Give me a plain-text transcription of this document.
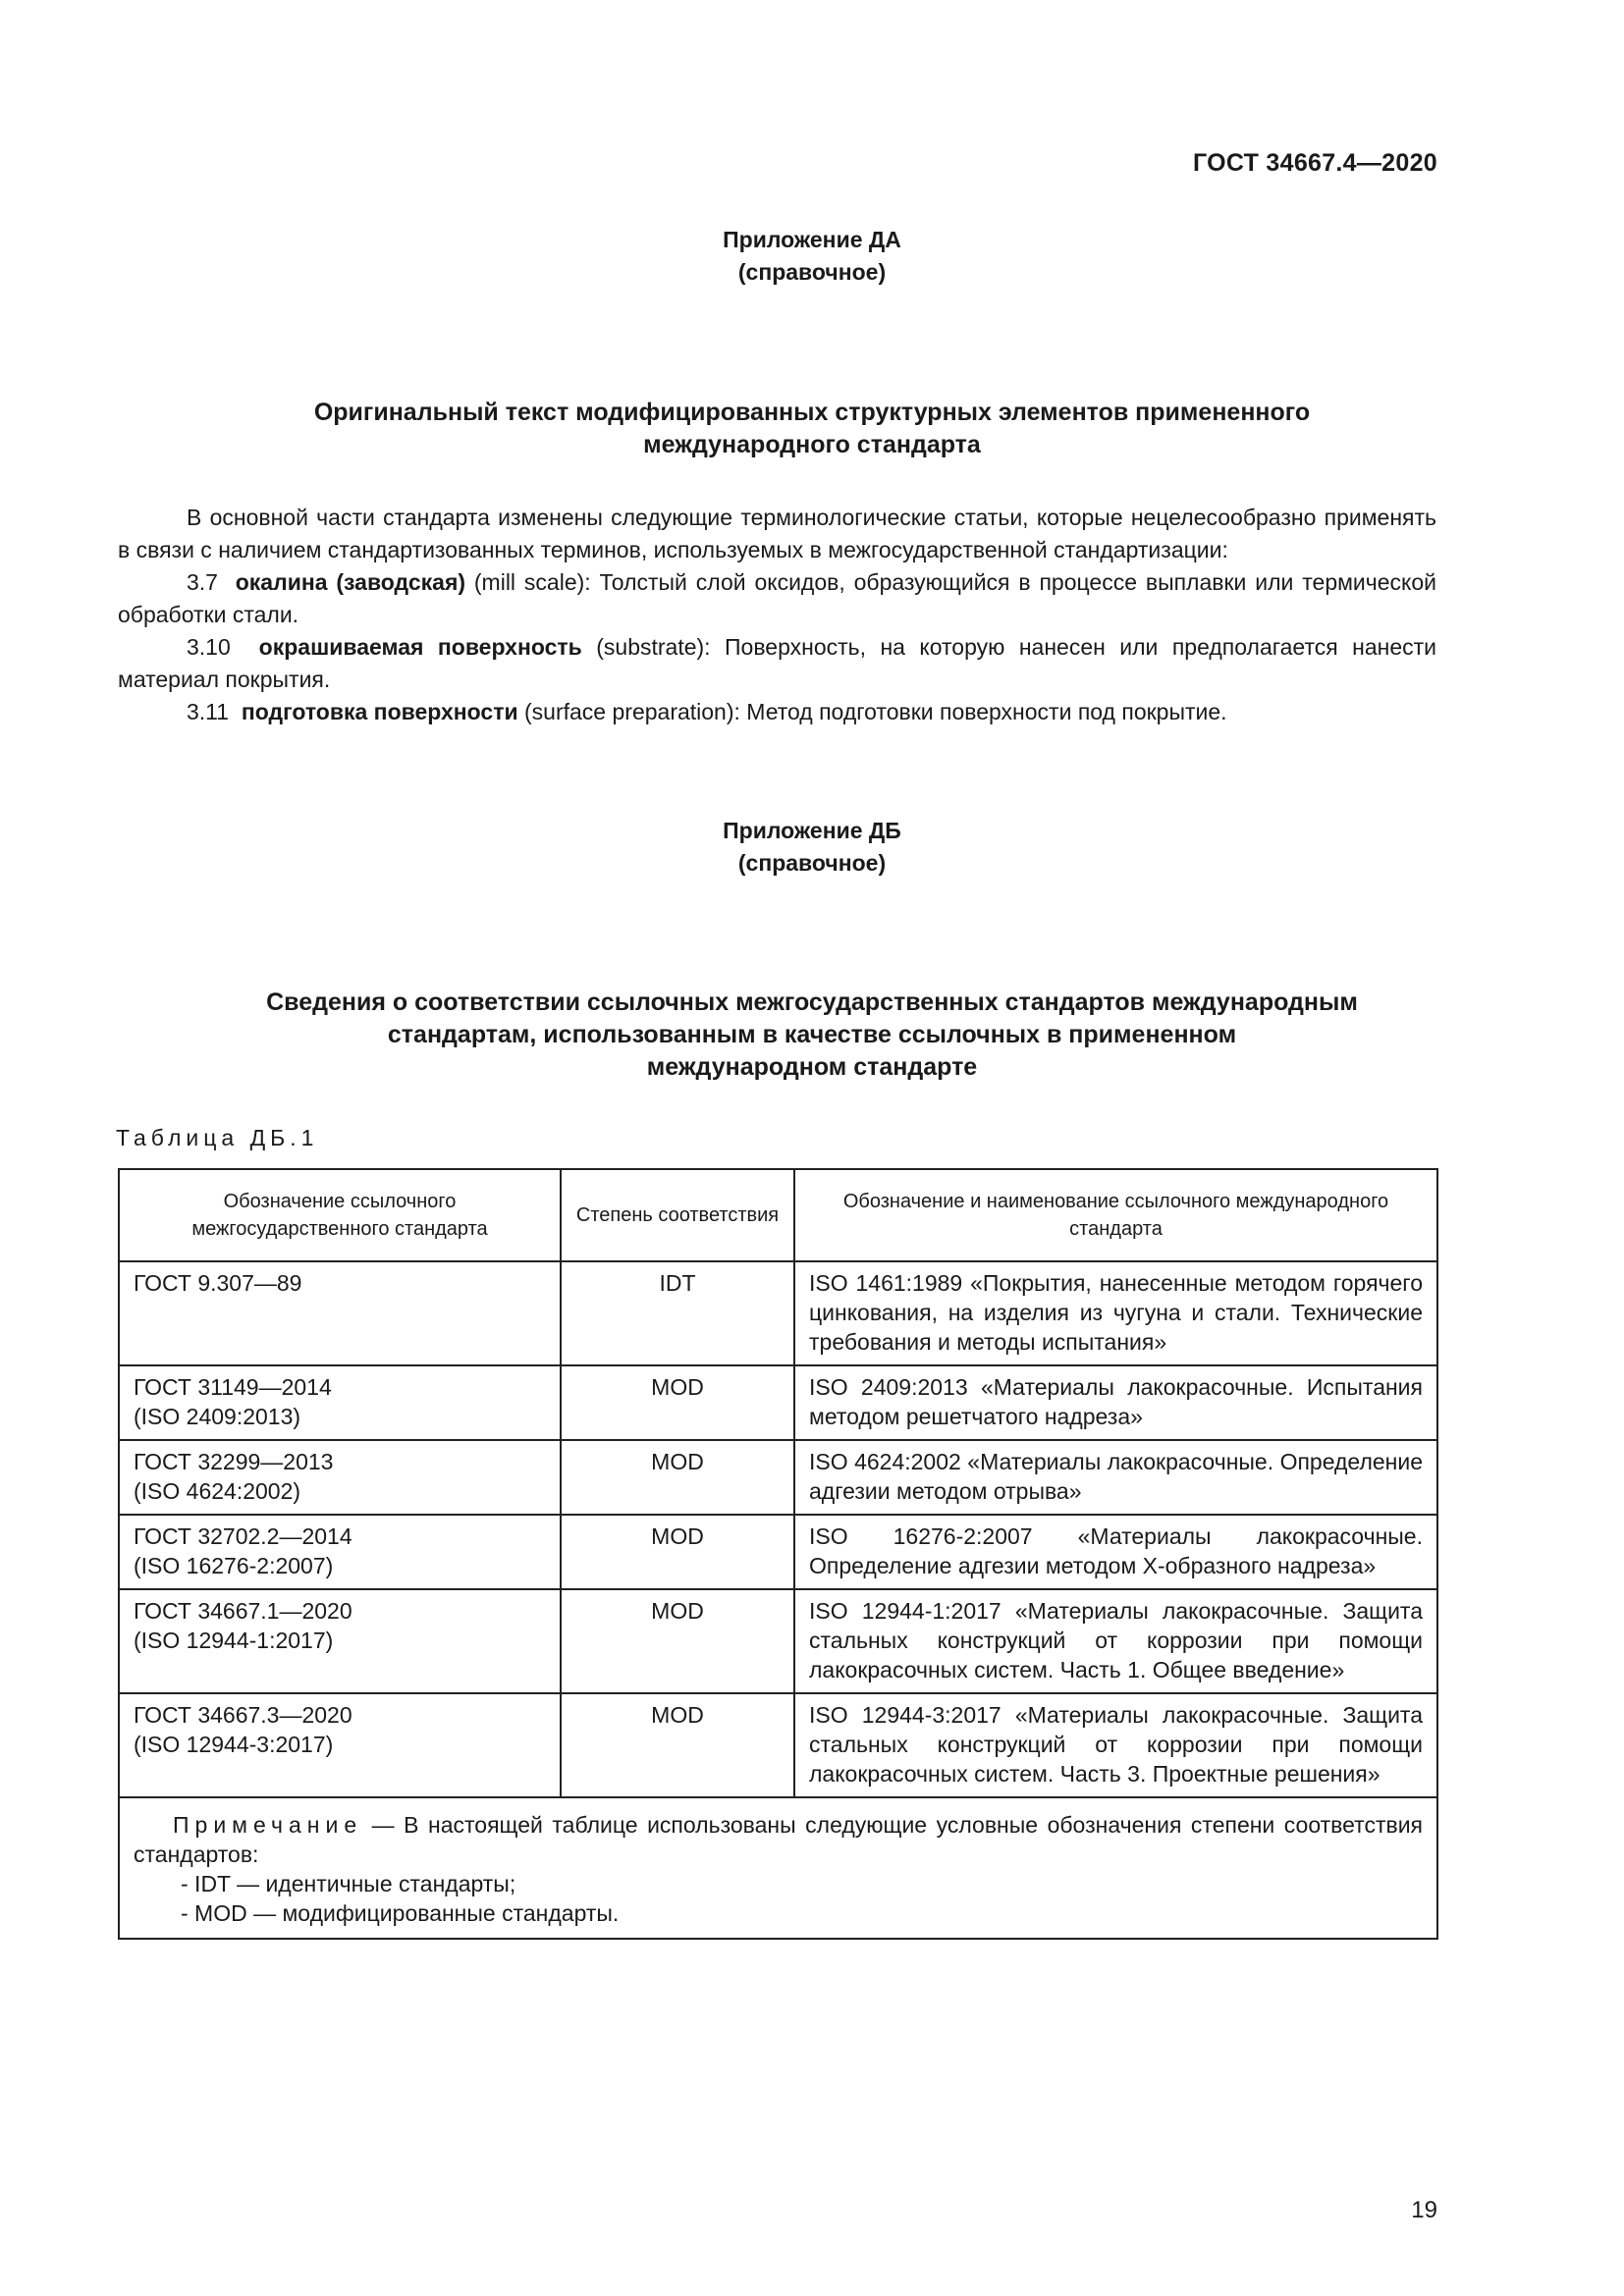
ГОСТ 34667.4—2020
Приложение ДА
(справочное)
Оригинальный текст модифицированных структурных элементов примененного
международного стандарта
В основной части стандарта изменены следующие терминологические статьи, которые нецелесообразно применять в связи с наличием стандартизованных терминов, используемых в межгосударственной стандартизации:
3.7 окалина (заводская) (mill scale): Толстый слой оксидов, образующийся в процессе выплавки или термической обработки стали.
3.10 окрашиваемая поверхность (substrate): Поверхность, на которую нанесен или предполагается нанести материал покрытия.
3.11 подготовка поверхности (surface preparation): Метод подготовки поверхности под покрытие.
Приложение ДБ
(справочное)
Сведения о соответствии ссылочных межгосударственных стандартов международным
стандартам, использованным в качестве ссылочных в примененном
международном стандарте
Таблица ДБ.1
Обозначение ссылочного межгосударственного стандарта	Степень соответствия	Обозначение и наименование ссылочного международного стандарта

ГОСТ 9.307—89	IDT	ISO 1461:1989 «Покрытия, нанесенные методом горячего цинкования, на изделия из чугуна и стали. Технические требования и методы испытания»

ГОСТ 31149—2014
(ISO 2409:2013)	MOD	ISO 2409:2013 «Материалы лакокрасочные. Испытания методом решетчатого надреза»

ГОСТ 32299—2013
(ISO 4624:2002)	MOD	ISO 4624:2002 «Материалы лакокрасочные. Определение адгезии методом отрыва»

ГОСТ 32702.2—2014
(ISO 16276-2:2007)	MOD	ISO 16276-2:2007 «Материалы лакокрасочные. Определение адгезии методом Х-образного надреза»

ГОСТ 34667.1—2020
(ISO 12944-1:2017)	MOD	ISO 12944-1:2017 «Материалы лакокрасочные. Защита стальных конструкций от коррозии при помощи лакокрасочных систем. Часть 1. Общее введение»

ГОСТ 34667.3—2020
(ISO 12944-3:2017)	MOD	ISO 12944-3:2017 «Материалы лакокрасочные. Защита стальных конструкций от коррозии при помощи лакокрасочных систем. Часть 3. Проектные решения»

Примечание — В настоящей таблице использованы следующие условные обозначения степени соответствия стандартов:
- IDT — идентичные стандарты;
- MOD — модифицированные стандарты.		
19
